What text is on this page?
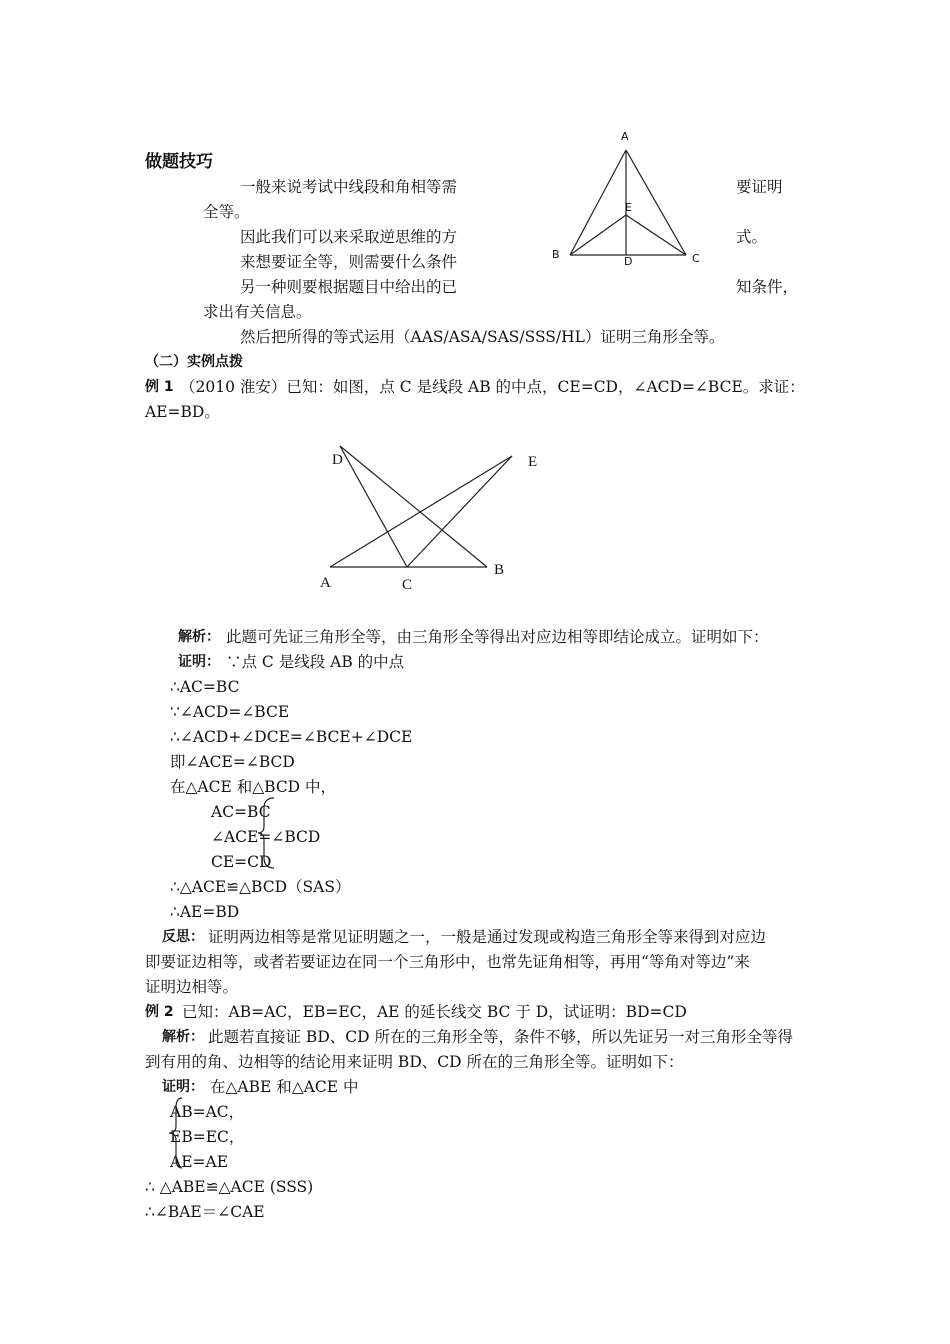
做题技巧
一般来说考试中线段和角相等需	要证明
全等。
因此我们可以来采取逆思维的方	式。
来想要证全等，则需要什么条件
另一种则要根据题目中给出的已	知条件，
求出有关信息。
然后把所得的等式运用（AAS/ASA/SAS/SSS/HL）证明三角形全等。
A
B	C
D
E
（二）实例点拨
例 1 （2010 淮安）已知：如图，点 C 是线段 AB 的中点，CE=CD，∠ACD=∠BCE。求证：
AE=BD。
A	C
B
D	E
解析： 此题可先证三角形全等，由三角形全等得出对应边相等即结论成立。证明如下：
证明： ∵点 C 是线段 AB 的中点
∴AC=BC
∵∠ACD=∠BCE
∴∠ACD+∠DCE=∠BCE+∠DCE
即∠ACE=∠BCD
在△ACE 和△BCD 中，
AC=BC
∠ACE=∠BCD
CE=CD
∴△ACE≌△BCD（SAS）
∴AE=BD
反思： 证明两边相等是常见证明题之一，一般是通过发现或构造三角形全等来得到对应边
即要证边相等，或者若要证边在同一个三角形中，也常先证角相等，再用“等角对等边”来
证明边相等。
例 2 已知：AB=AC，EB=EC，AE 的延长线交 BC 于 D，试证明：BD=CD
解析： 此题若直接证 BD、CD 所在的三角形全等，条件不够，所以先证另一对三角形全等得
到有用的角、边相等的结论用来证明 BD、CD 所在的三角形全等。证明如下：
证明： 在△ABE 和△ACE 中
AB=AC，
EB=EC，
AE=AE
∴ △ABE≌△ACE (SSS)
∴∠BAE＝∠CAE
